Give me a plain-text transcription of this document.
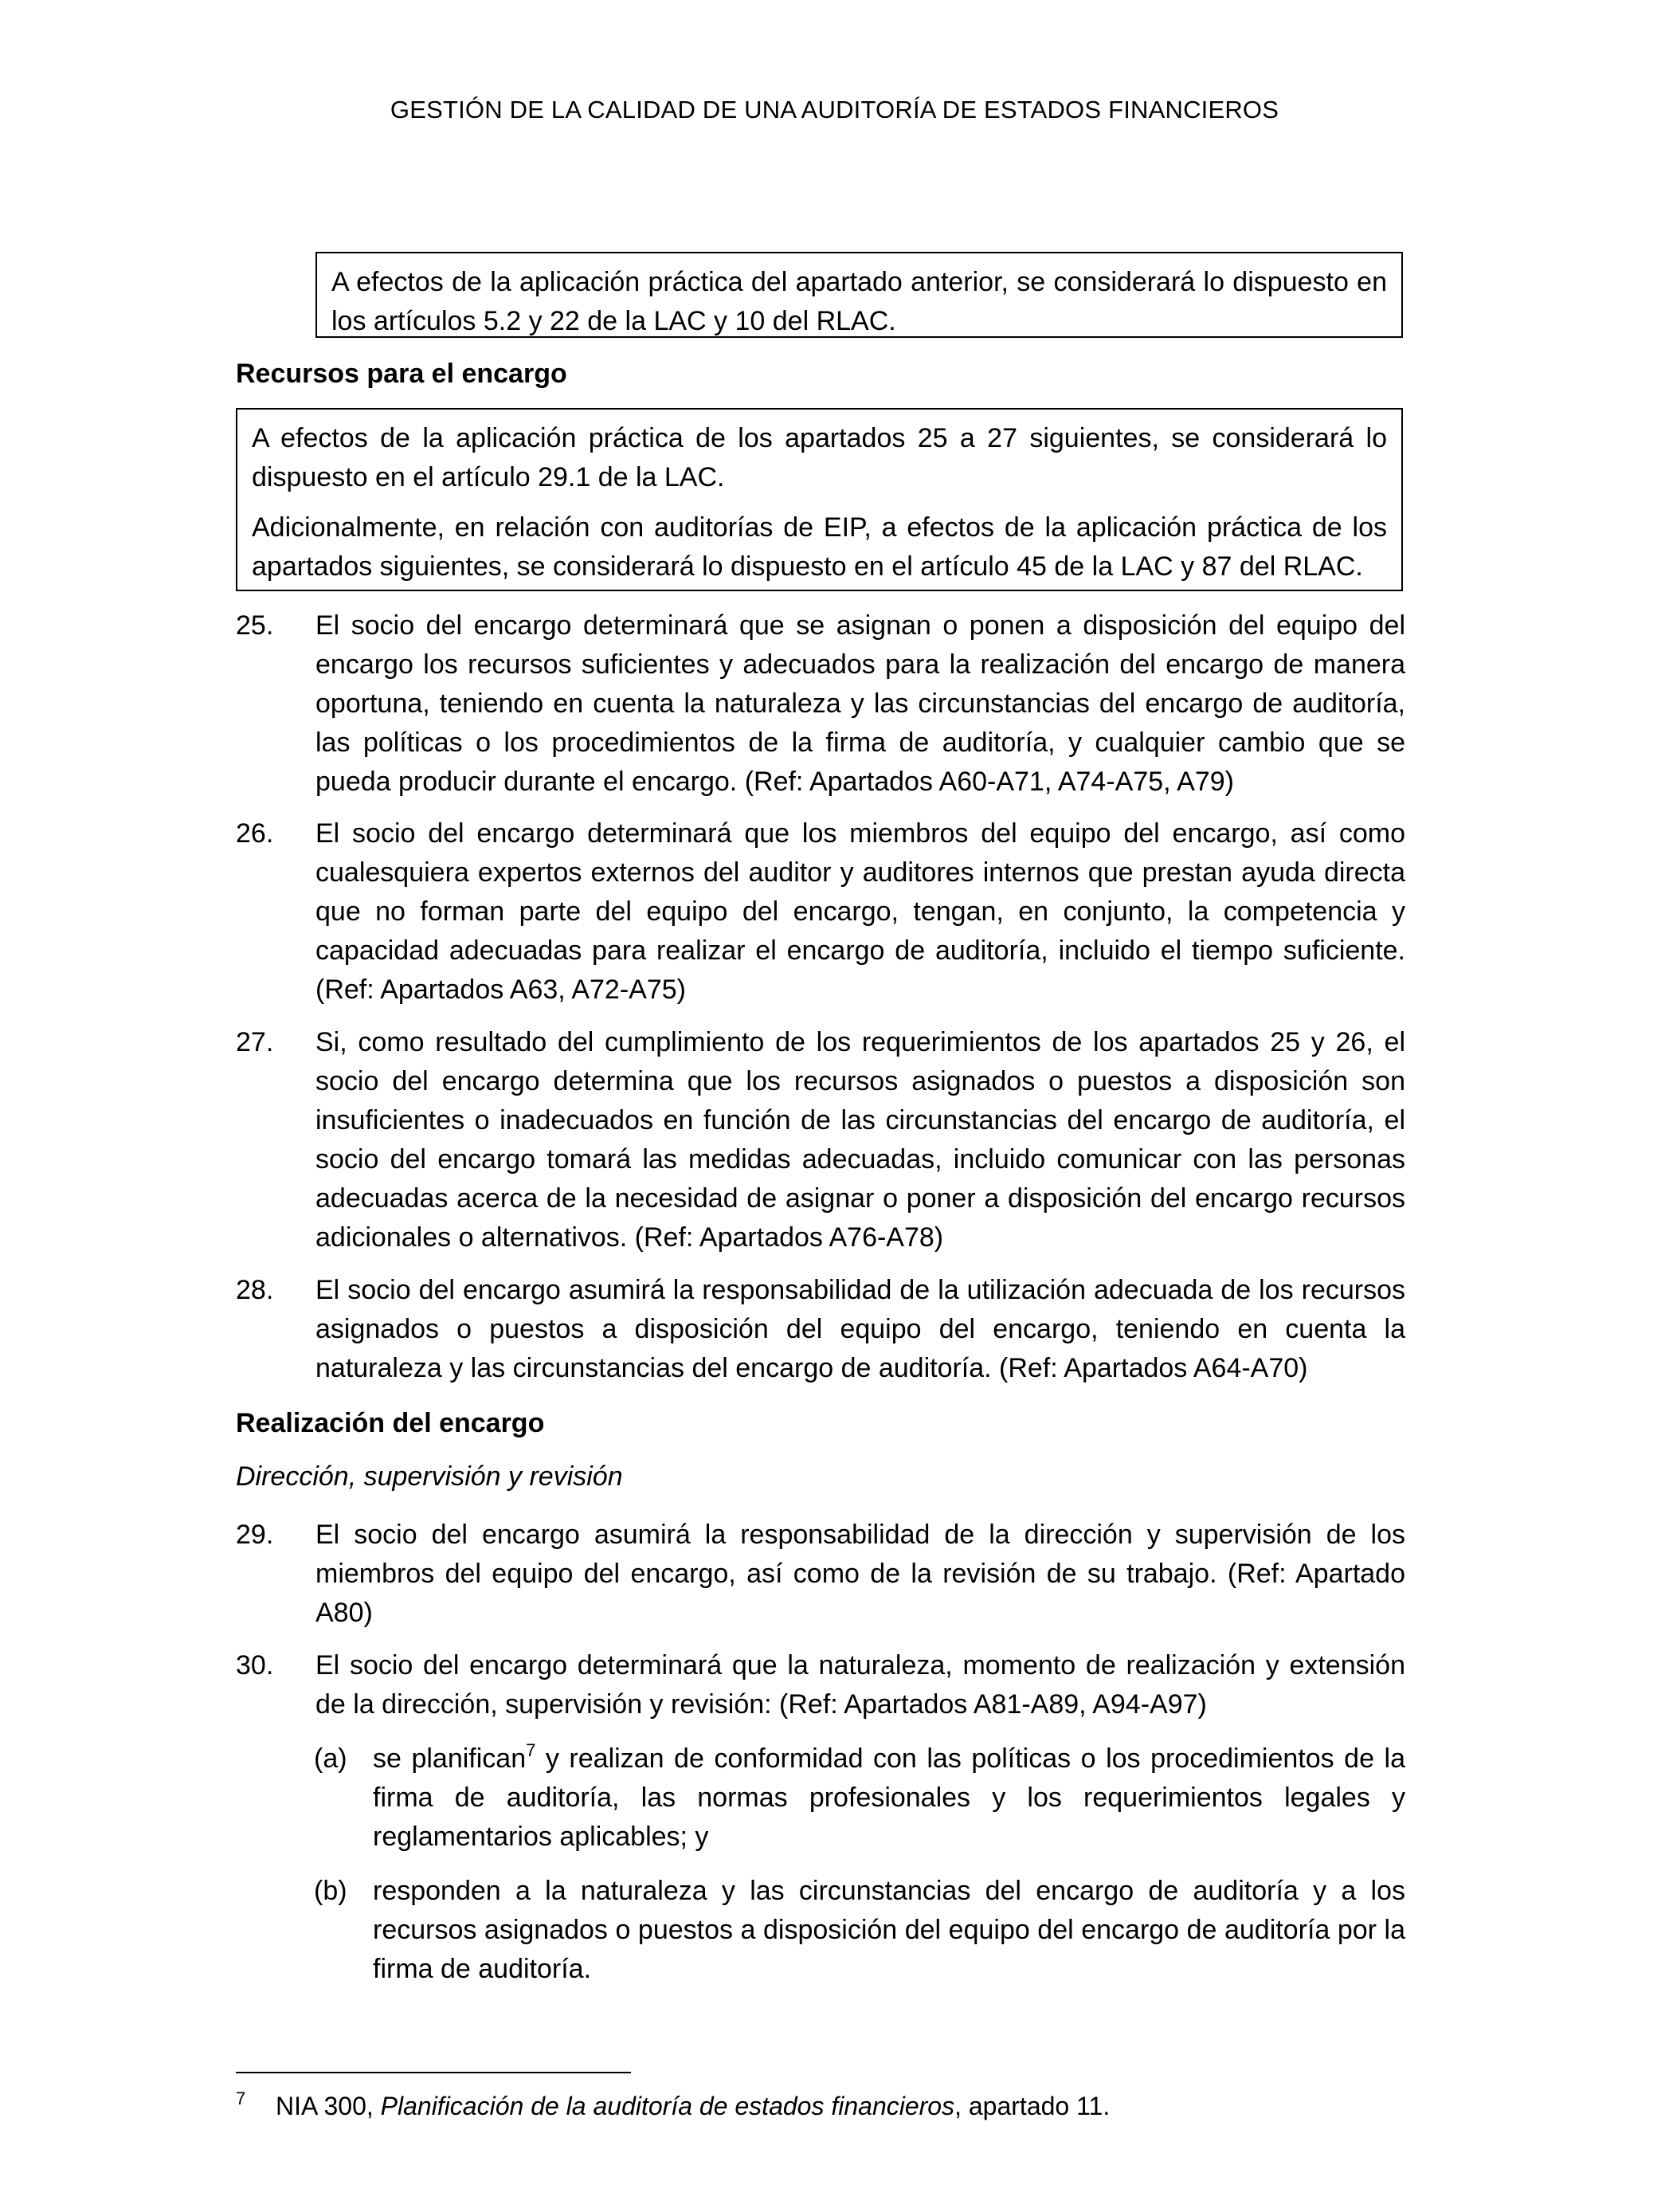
GESTIÓN DE LA CALIDAD DE UNA AUDITORÍA DE ESTADOS FINANCIEROS

A efectos de la aplicación práctica del apartado anterior, se considerará lo dispuesto en los artículos 5.2 y 22 de la LAC y 10 del RLAC.

Recursos para el encargo

A efectos de la aplicación práctica de los apartados 25 a 27 siguientes, se considerará lo dispuesto en el artículo 29.1 de la LAC.

Adicionalmente, en relación con auditorías de EIP, a efectos de la aplicación práctica de los apartados siguientes, se considerará lo dispuesto en el artículo 45 de la LAC y 87 del RLAC.

25. El socio del encargo determinará que se asignan o ponen a disposición del equipo del encargo los recursos suficientes y adecuados para la realización del encargo de manera oportuna, teniendo en cuenta la naturaleza y las circunstancias del encargo de auditoría, las políticas o los procedimientos de la firma de auditoría, y cualquier cambio que se pueda producir durante el encargo. (Ref: Apartados A60-A71, A74-A75, A79)
26. El socio del encargo determinará que los miembros del equipo del encargo, así como cualesquiera expertos externos del auditor y auditores internos que prestan ayuda directa que no forman parte del equipo del encargo, tengan, en conjunto, la competencia y capacidad adecuadas para realizar el encargo de auditoría, incluido el tiempo suficiente. (Ref: Apartados A63, A72-A75)
27. Si, como resultado del cumplimiento de los requerimientos de los apartados 25 y 26, el socio del encargo determina que los recursos asignados o puestos a disposición son insuficientes o inadecuados en función de las circunstancias del encargo de auditoría, el socio del encargo tomará las medidas adecuadas, incluido comunicar con las personas adecuadas acerca de la necesidad de asignar o poner a disposición del encargo recursos adicionales o alternativos. (Ref: Apartados A76-A78)
28. El socio del encargo asumirá la responsabilidad de la utilización adecuada de los recursos asignados o puestos a disposición del equipo del encargo, teniendo en cuenta la naturaleza y las circunstancias del encargo de auditoría. (Ref: Apartados A64-A70)
Realización del encargo
Dirección, supervisión y revisión
29. El socio del encargo asumirá la responsabilidad de la dirección y supervisión de los miembros del equipo del encargo, así como de la revisión de su trabajo. (Ref: Apartado A80)
30. El socio del encargo determinará que la naturaleza, momento de realización y extensión de la dirección, supervisión y revisión: (Ref: Apartados A81-A89, A94-A97)
(a) se planifican$^7$ y realizan de conformidad con las políticas o los procedimientos de la firma de auditoría, las normas profesionales y los requerimientos legales y reglamentarios aplicables; y
(b) responden a la naturaleza y las circunstancias del encargo de auditoría y a los recursos asignados o puestos a disposición del equipo del encargo de auditoría por la firma de auditoría.
7 NIA 300, Planificación de la auditoría de estados financieros, apartado 11.
